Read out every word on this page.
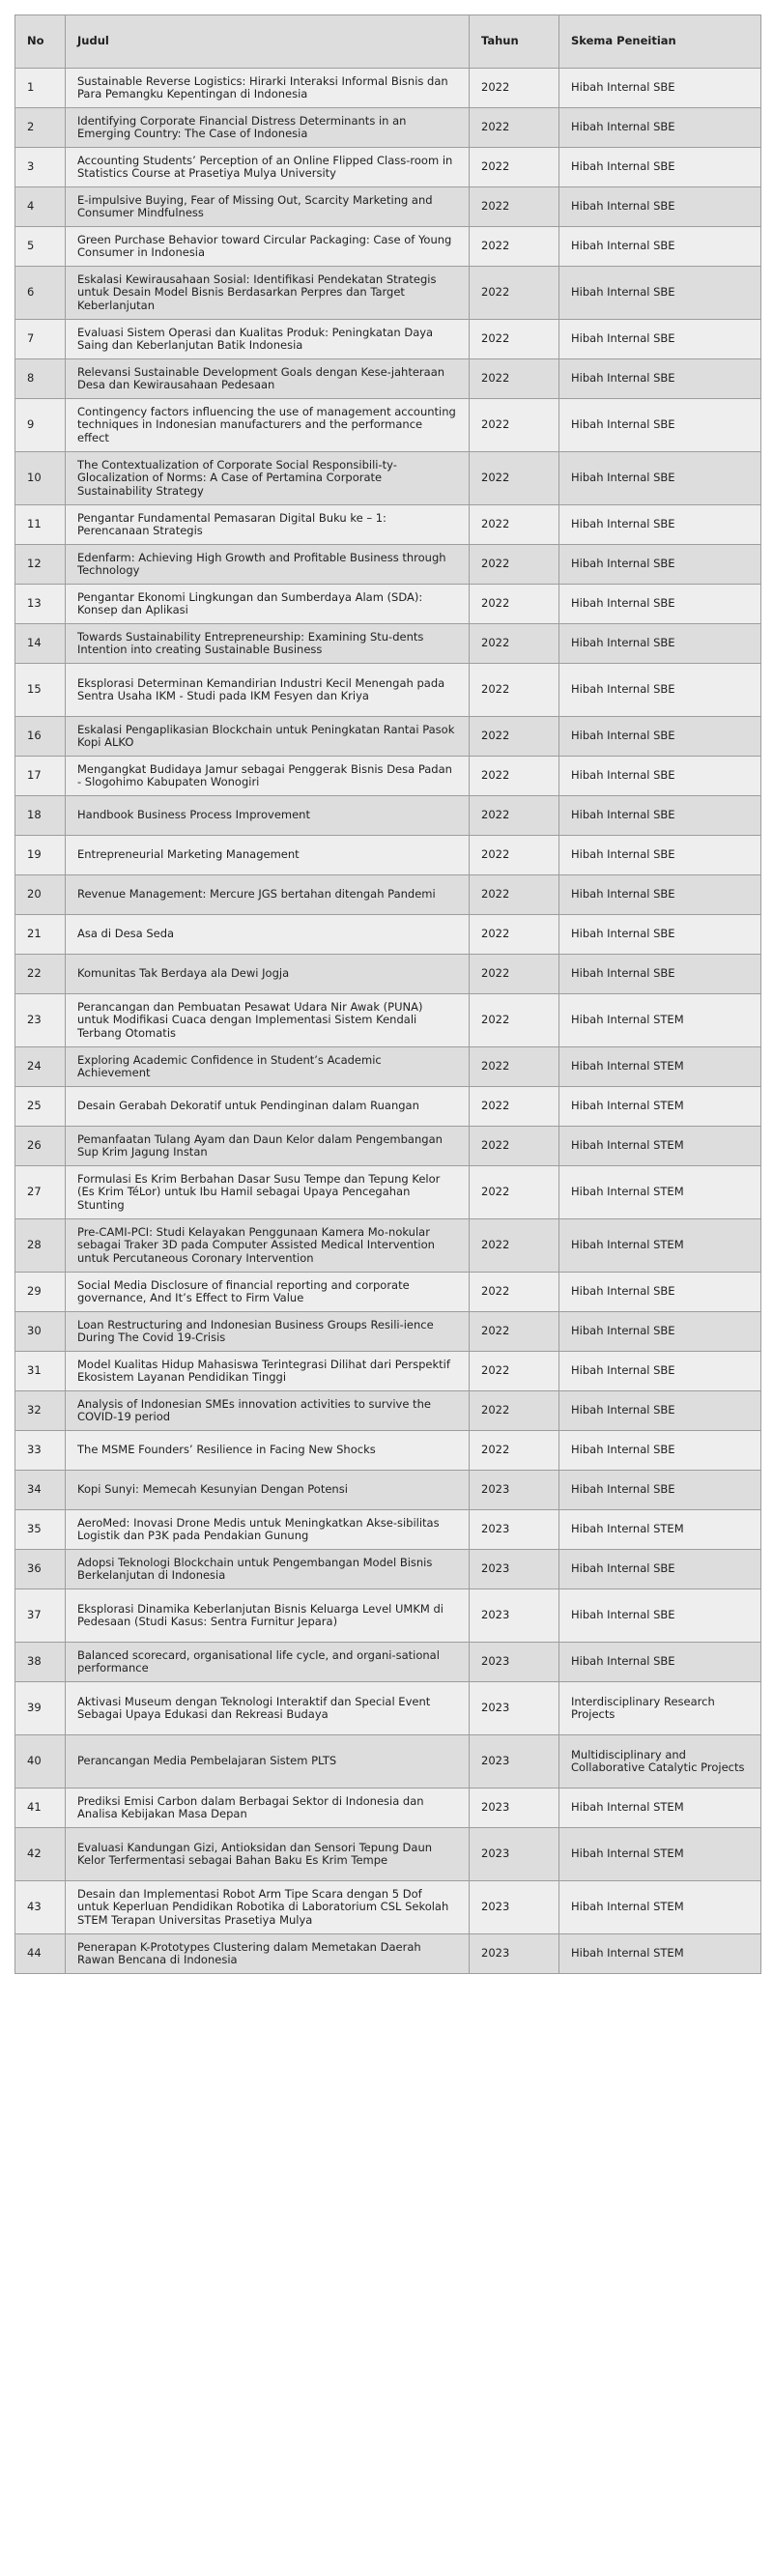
No	Judul	Tahun	Skema Peneitian
1	Sustainable Reverse Logistics: Hirarki Interaksi Informal Bisnis dan Para Pemangku Kepentingan di Indonesia	2022	Hibah Internal SBE
2	Identifying Corporate Financial Distress Determinants in an Emerging Country: The Case of Indonesia	2022	Hibah Internal SBE
3	Accounting Students’ Perception of an Online Flipped Class-room in Statistics Course at Prasetiya Mulya University	2022	Hibah Internal SBE
4	E-impulsive Buying, Fear of Missing Out, Scarcity Marketing and Consumer Mindfulness	2022	Hibah Internal SBE
5	Green Purchase Behavior toward Circular Packaging: Case of Young Consumer in Indonesia	2022	Hibah Internal SBE
6	Eskalasi Kewirausahaan Sosial: Identifikasi Pendekatan Strategis untuk Desain Model Bisnis Berdasarkan Perpres dan Target Keberlanjutan	2022	Hibah Internal SBE
7	Evaluasi Sistem Operasi dan Kualitas Produk: Peningkatan Daya Saing dan Keberlanjutan Batik Indonesia	2022	Hibah Internal SBE
8	Relevansi Sustainable Development Goals dengan Kese-jahteraan Desa dan Kewirausahaan Pedesaan	2022	Hibah Internal SBE
9	Contingency factors influencing the use of management accounting techniques in Indonesian manufacturers and the performance effect	2022	Hibah Internal SBE
10	The Contextualization of Corporate Social Responsibili-ty-Glocalization of Norms: A Case of Pertamina Corporate Sustainability Strategy	2022	Hibah Internal SBE
11	Pengantar Fundamental Pemasaran Digital Buku ke – 1: Perencanaan Strategis	2022	Hibah Internal SBE
12	Edenfarm: Achieving High Growth and Profitable Business through Technology	2022	Hibah Internal SBE
13	Pengantar Ekonomi Lingkungan dan Sumberdaya Alam (SDA): Konsep dan Aplikasi	2022	Hibah Internal SBE
14	Towards Sustainability Entrepreneurship: Examining Stu-dents Intention into creating Sustainable Business	2022	Hibah Internal SBE
15	Eksplorasi Determinan Kemandirian Industri Kecil Menengah pada Sentra Usaha IKM - Studi pada IKM Fesyen dan Kriya	2022	Hibah Internal SBE
16	Eskalasi Pengaplikasian Blockchain untuk Peningkatan Rantai Pasok Kopi ALKO	2022	Hibah Internal SBE
17	Mengangkat Budidaya Jamur sebagai Penggerak Bisnis Desa Padan - Slogohimo Kabupaten Wonogiri	2022	Hibah Internal SBE
18	Handbook Business Process Improvement	2022	Hibah Internal SBE
19	Entrepreneurial Marketing Management	2022	Hibah Internal SBE
20	Revenue Management: Mercure JGS bertahan ditengah Pandemi	2022	Hibah Internal SBE
21	Asa di Desa Seda	2022	Hibah Internal SBE
22	Komunitas Tak Berdaya ala Dewi Jogja	2022	Hibah Internal SBE
23	Perancangan dan Pembuatan Pesawat Udara Nir Awak (PUNA) untuk Modifikasi Cuaca dengan Implementasi Sistem Kendali Terbang Otomatis	2022	Hibah Internal STEM
24	Exploring Academic Confidence in Student’s Academic Achievement	2022	Hibah Internal STEM
25	Desain Gerabah Dekoratif untuk Pendinginan dalam Ruangan	2022	Hibah Internal STEM
26	Pemanfaatan Tulang Ayam dan Daun Kelor dalam Pengembangan Sup Krim Jagung Instan	2022	Hibah Internal STEM
27	Formulasi Es Krim Berbahan Dasar Susu Tempe dan Tepung Kelor (Es Krim TéLor) untuk Ibu Hamil sebagai Upaya Pencegahan Stunting	2022	Hibah Internal STEM
28	Pre-CAMI-PCI: Studi Kelayakan Penggunaan Kamera Mo-nokular sebagai Traker 3D pada Computer Assisted Medical Intervention untuk Percutaneous Coronary Intervention	2022	Hibah Internal STEM
29	Social Media Disclosure of financial reporting and corporate governance, And It’s Effect to Firm Value	2022	Hibah Internal SBE
30	Loan Restructuring and Indonesian Business Groups Resili-ience During The Covid 19-Crisis	2022	Hibah Internal SBE
31	Model Kualitas Hidup Mahasiswa Terintegrasi Dilihat dari Perspektif Ekosistem Layanan Pendidikan Tinggi	2022	Hibah Internal SBE
32	Analysis of Indonesian SMEs innovation activities to survive the COVID-19 period	2022	Hibah Internal SBE
33	The MSME Founders’ Resilience in Facing New Shocks	2022	Hibah Internal SBE
34	Kopi Sunyi: Memecah Kesunyian Dengan Potensi	2023	Hibah Internal SBE
35	AeroMed: Inovasi Drone Medis untuk Meningkatkan Akse-sibilitas Logistik dan P3K pada Pendakian Gunung	2023	Hibah Internal STEM
36	Adopsi Teknologi Blockchain untuk Pengembangan Model Bisnis Berkelanjutan di Indonesia	2023	Hibah Internal SBE
37	Eksplorasi Dinamika Keberlanjutan Bisnis Keluarga Level UMKM di Pedesaan (Studi Kasus: Sentra Furnitur Jepara)	2023	Hibah Internal SBE
38	Balanced scorecard, organisational life cycle, and organi-sational performance	2023	Hibah Internal SBE
39	Aktivasi Museum dengan Teknologi Interaktif dan Special Event Sebagai Upaya Edukasi dan Rekreasi Budaya	2023	Interdisciplinary Research Projects
40	Perancangan Media Pembelajaran Sistem PLTS	2023	Multidisciplinary and Collaborative Catalytic Projects
41	Prediksi Emisi Carbon dalam Berbagai Sektor di Indonesia dan Analisa Kebijakan Masa Depan	2023	Hibah Internal STEM
42	Evaluasi Kandungan Gizi, Antioksidan dan Sensori Tepung Daun Kelor Terfermentasi sebagai Bahan Baku Es Krim Tempe	2023	Hibah Internal STEM
43	Desain dan Implementasi Robot Arm Tipe Scara dengan 5 Dof untuk Keperluan Pendidikan Robotika di Laboratorium CSL Sekolah STEM Terapan Universitas Prasetiya Mulya	2023	Hibah Internal STEM
44	Penerapan K-Prototypes Clustering dalam Memetakan Daerah Rawan Bencana di Indonesia	2023	Hibah Internal STEM
